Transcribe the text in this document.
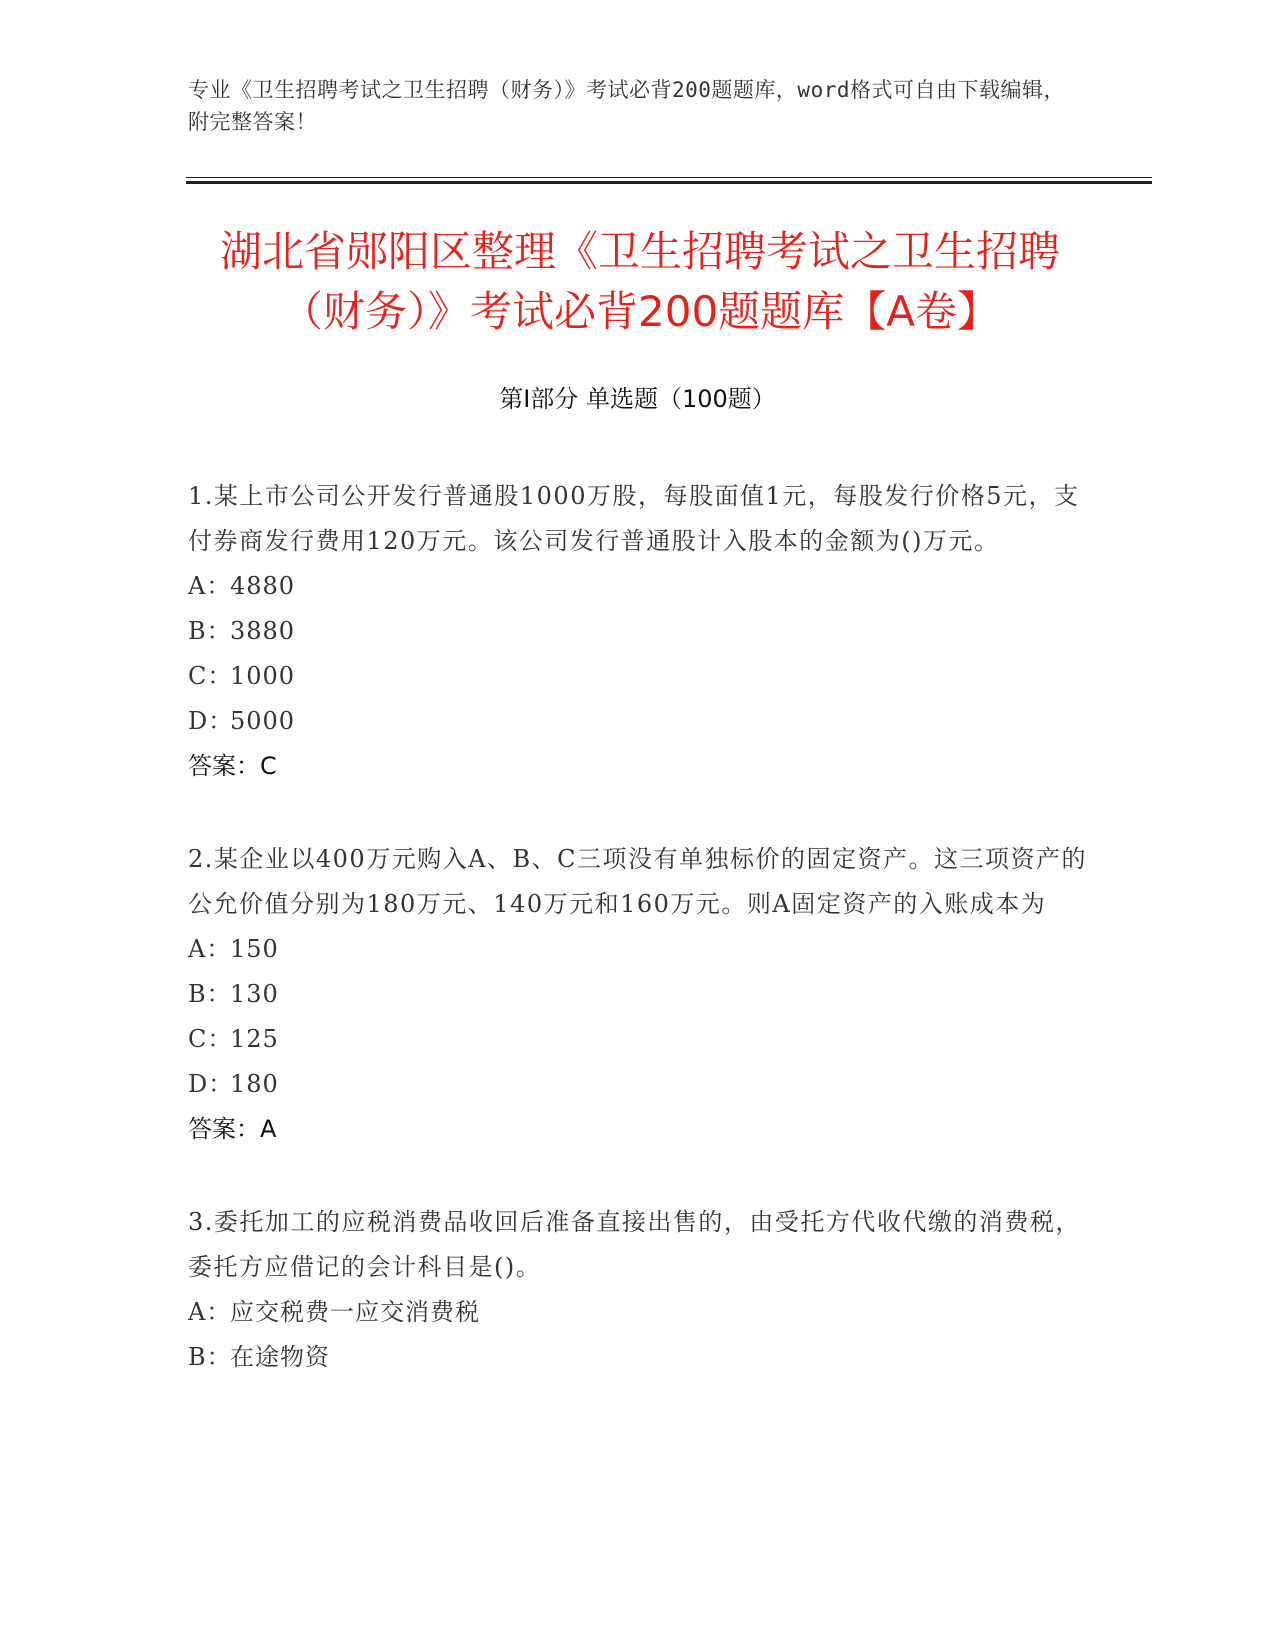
专业《卫生招聘考试之卫生招聘（财务）》考试必背200题题库，word格式可自由下载编辑，附完整答案！
湖北省郧阳区整理《卫生招聘考试之卫生招聘（财务）》考试必背200题题库【A卷】
第I部分 单选题（100题）
1.某上市公司公开发行普通股1000万股，每股面值1元，每股发行价格5元，支付券商发行费用120万元。该公司发行普通股计入股本的金额为()万元。
A：4880
B：3880
C：1000
D：5000
答案：C
2.某企业以400万元购入A、B、C三项没有单独标价的固定资产。这三项资产的公允价值分别为180万元、140万元和160万元。则A固定资产的入账成本为
A：150
B：130
C：125
D：180
答案：A
3.委托加工的应税消费品收回后准备直接出售的，由受托方代收代缴的消费税，委托方应借记的会计科目是()。
A：应交税费一应交消费税
B：在途物资
